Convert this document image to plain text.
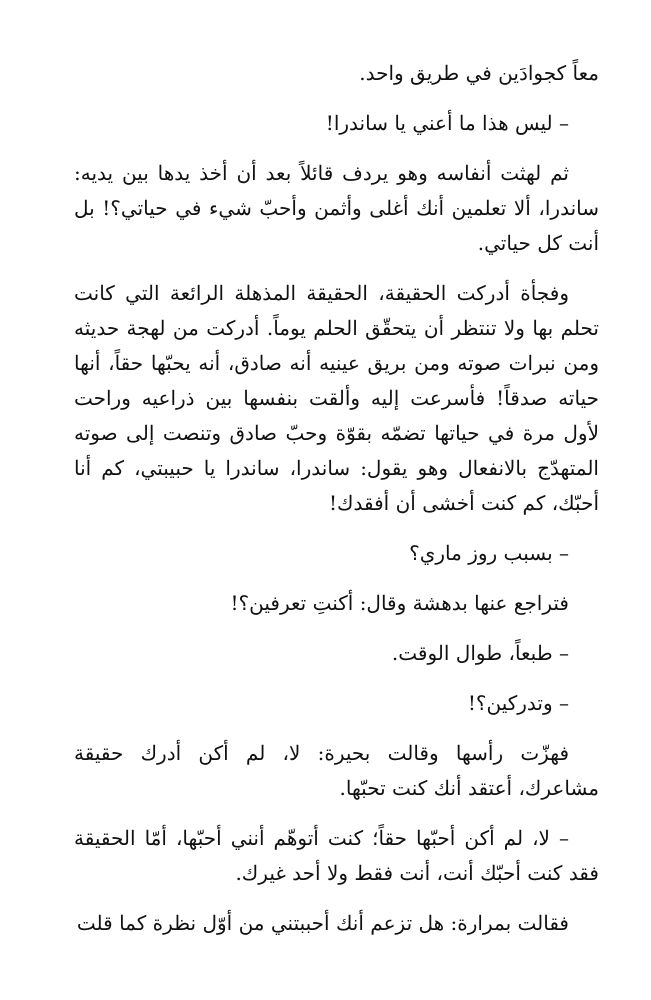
معاً كجوادَين في طريق واحد.

– ليس هذا ما أعني يا ساندرا!

ثم لهثت أنفاسه وهو يردف قائلاً بعد أن أخذ يدها بين يديه: ساندرا، ألا تعلمين أنك أغلى وأثمن وأحبّ شيء في حياتي؟! بل أنت كل حياتي.

وفجأة أدركت الحقيقة، الحقيقة المذهلة الرائعة التي كانت تحلم بها ولا تنتظر أن يتحقّق الحلم يوماً. أدركت من لهجة حديثه ومن نبرات صوته ومن بريق عينيه أنه صادق، أنه يحبّها حقاً، أنها حياته صدقاً! فأسرعت إليه وألقت بنفسها بين ذراعيه وراحت لأول مرة في حياتها تضمّه بقوّة وحبّ صادق وتنصت إلى صوته المتهدّج بالانفعال وهو يقول: ساندرا، ساندرا يا حبيبتي، كم أنا أحبّك، كم كنت أخشى أن أفقدك!

– بسبب روز ماري؟

فتراجع عنها بدهشة وقال: أكنتِ تعرفين؟!

– طبعاً، طوال الوقت.

– وتدركين؟!

فهزّت رأسها وقالت بحيرة: لا، لم أكن أدرك حقيقة مشاعرك، أعتقد أنك كنت تحبّها.

– لا، لم أكن أحبّها حقاً؛ كنت أتوهّم أنني أحبّها، أمّا الحقيقة فقد كنت أحبّك أنت، أنت فقط ولا أحد غيرك.

فقالت بمرارة: هل تزعم أنك أحببتني من أوّل نظرة كما قلت
